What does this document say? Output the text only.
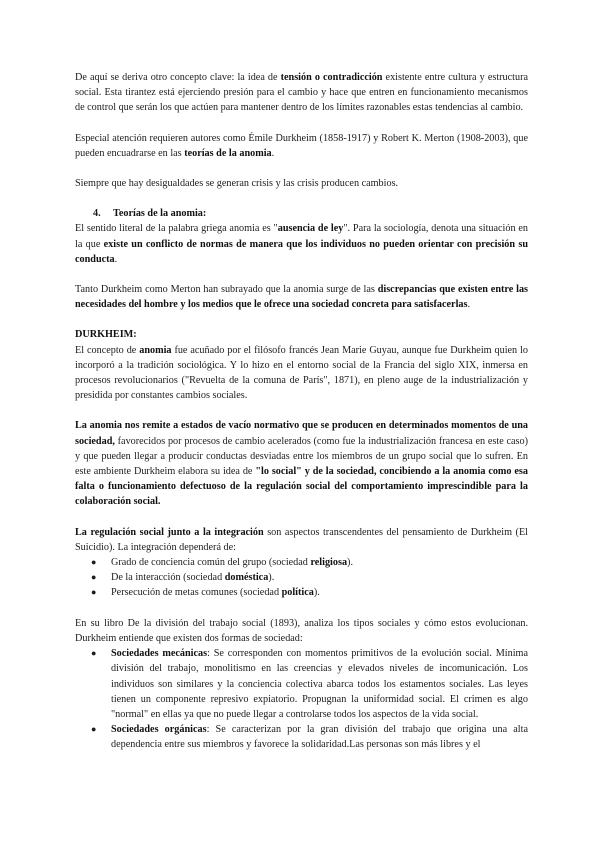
De aquí se deriva otro concepto clave: la idea de tensión o contradicción existente entre cultura y estructura social. Esta tirantez está ejerciendo presión para el cambio y hace que entren en funcionamiento mecanismos de control que serán los que actúen para mantener dentro de los límites razonables estas tendencias al cambio.

Especial atención requieren autores como Émile Durkheim (1858-1917) y Robert K. Merton (1908-2003), que pueden encuadrarse en las teorías de la anomia.

Siempre que hay desigualdades se generan crisis y las crisis producen cambios.

4. Teorías de la anomia:

El sentido literal de la palabra griega anomia es "ausencia de ley". Para la sociología, denota una situación en la que existe un conflicto de normas de manera que los individuos no pueden orientar con precisión su conducta.

Tanto Durkheim como Merton han subrayado que la anomia surge de las discrepancias que existen entre las necesidades del hombre y los medios que le ofrece una sociedad concreta para satisfacerlas.

DURKHEIM:

El concepto de anomia fue acuñado por el filósofo francés Jean Marie Guyau, aunque fue Durkheim quien lo incorporó a la tradición sociológica. Y lo hizo en el entorno social de la Francia del siglo XIX, inmersa en procesos revolucionarios ("Revuelta de la comuna de París", 1871), en pleno auge de la industrialización y presidida por constantes cambios sociales.

La anomia nos remite a estados de vacío normativo que se producen en determinados momentos de una sociedad, favorecidos por procesos de cambio acelerados (como fue la industrialización francesa en este caso) y que pueden llegar a producir conductas desviadas entre los miembros de un grupo social que lo sufren. En este ambiente Durkheim elabora su idea de "lo social" y de la sociedad, concibiendo a la anomia como esa falta o funcionamiento defectuoso de la regulación social del comportamiento imprescindible para la colaboración social.

La regulación social junto a la integración son aspectos transcendentes del pensamiento de Durkheim (El Suicidio). La integración dependerá de:

● Grado de conciencia común del grupo (sociedad religiosa).
● De la interacción (sociedad doméstica).
● Persecución de metas comunes (sociedad política).

En su libro De la división del trabajo social (1893), analiza los tipos sociales y cómo estos evolucionan. Durkheim entiende que existen dos formas de sociedad:

● Sociedades mecánicas: Se corresponden con momentos primitivos de la evolución social. Mínima división del trabajo, monolitismo en las creencias y elevados niveles de incomunicación. Los individuos son similares y la conciencia colectiva abarca todos los estamentos sociales. Las leyes tienen un componente represivo expiatorio. Propugnan la uniformidad social. El crimen es algo "normal" en ellas ya que no puede llegar a controlarse todos los aspectos de la vida social.
● Sociedades orgánicas: Se caracterizan por la gran división del trabajo que origina una alta dependencia entre sus miembros y favorece la solidaridad.Las personas son más libres y el
